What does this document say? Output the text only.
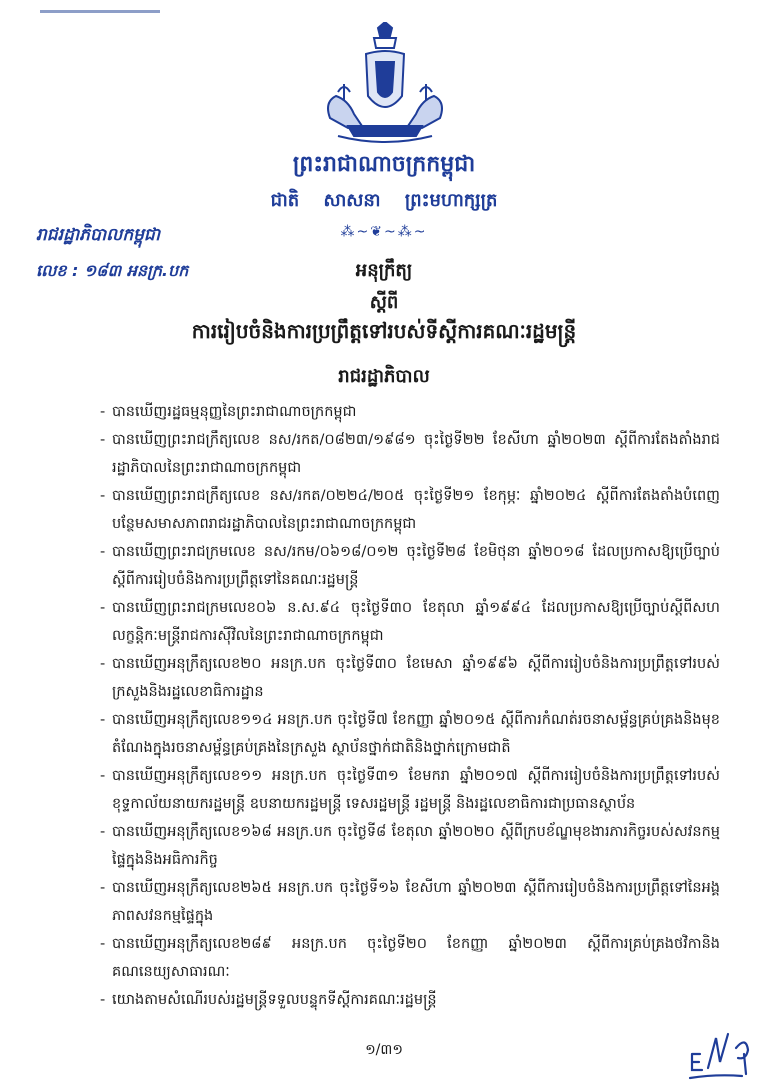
ព្រះរាជាណាចក្រកម្ពុជា
ជាតិ សាសនា ព្រះមហាក្សត្រ
⁂~❦~⁂~
រាជរដ្ឋាភិបាលកម្ពុជា
លេខ : ១៨៣ អនក្រ.បក	អនុក្រឹត្យ
ស្តីពី
ការរៀបចំនិងការប្រព្រឹត្តទៅរបស់ទីស្តីការគណៈរដ្ឋមន្ត្រី
រាជរដ្ឋាភិបាល
- បានឃើញរដ្ឋធម្មនុញ្ញនៃព្រះរាជាណាចក្រកម្ពុជា
- បានឃើញព្រះរាជក្រឹត្យលេខ នស/រកត/០៨២៣/១៩៨១ ចុះថ្ងៃទី២២ ខែសីហា ឆ្នាំ២០២៣ ស្តីពីការតែងតាំងរាជរដ្ឋាភិបាលនៃព្រះរាជាណាចក្រកម្ពុជា
- បានឃើញព្រះរាជក្រឹត្យលេខ នស/រកត/០២២៤/២០៥ ចុះថ្ងៃទី២១ ខែកុម្ភៈ ឆ្នាំ២០២៤ ស្តីពីការតែងតាំងបំពេញបន្ថែមសមាសភាពរាជរដ្ឋាភិបាលនៃព្រះរាជាណាចក្រកម្ពុជា
- បានឃើញព្រះរាជក្រមលេខ នស/រកម/០៦១៨/០១២ ចុះថ្ងៃទី២៨ ខែមិថុនា ឆ្នាំ២០១៨ ដែលប្រកាសឱ្យប្រើច្បាប់ស្តីពីការរៀបចំនិងការប្រព្រឹត្តទៅនៃគណៈរដ្ឋមន្ត្រី
- បានឃើញព្រះរាជក្រមលេខ០៦ ន.ស.៩៤ ចុះថ្ងៃទី៣០ ខែតុលា ឆ្នាំ១៩៩៤ ដែលប្រកាសឱ្យប្រើច្បាប់ស្តីពីសហលក្ខន្តិកៈមន្ត្រីរាជការស៊ីវិលនៃព្រះរាជាណាចក្រកម្ពុជា
- បានឃើញអនុក្រឹត្យលេខ២០ អនក្រ.បក ចុះថ្ងៃទី៣០ ខែមេសា ឆ្នាំ១៩៩៦ ស្តីពីការរៀបចំនិងការប្រព្រឹត្តទៅរបស់ក្រសួងនិងរដ្ឋលេខាធិការដ្ឋាន
- បានឃើញអនុក្រឹត្យលេខ១១៤ អនក្រ.បក ចុះថ្ងៃទី៧ ខែកញ្ញា ឆ្នាំ២០១៥ ស្តីពីការកំណត់រចនាសម្ព័ន្ធគ្រប់គ្រងនិងមុខតំណែងក្នុងរចនាសម្ព័ន្ធគ្រប់គ្រងនៃក្រសួង ស្ថាប័នថ្នាក់ជាតិនិងថ្នាក់ក្រោមជាតិ
- បានឃើញអនុក្រឹត្យលេខ១១ អនក្រ.បក ចុះថ្ងៃទី៣១ ខែមករា ឆ្នាំ២០១៧ ស្តីពីការរៀបចំនិងការប្រព្រឹត្តទៅរបស់ខុទ្ទកាល័យនាយករដ្ឋមន្ត្រី ឧបនាយករដ្ឋមន្ត្រី ទេសរដ្ឋមន្ត្រី រដ្ឋមន្ត្រី និងរដ្ឋលេខាធិការជាប្រធានស្ថាប័ន
- បានឃើញអនុក្រឹត្យលេខ១៦៨ អនក្រ.បក ចុះថ្ងៃទី៨ ខែតុលា ឆ្នាំ២០២០ ស្តីពីក្របខ័ណ្ឌមុខងារភារកិច្ចរបស់សវនកម្មផ្ទៃក្នុងនិងអធិការកិច្ច
- បានឃើញអនុក្រឹត្យលេខ២៦៥ អនក្រ.បក ចុះថ្ងៃទី១៦ ខែសីហា ឆ្នាំ២០២៣ ស្តីពីការរៀបចំនិងការប្រព្រឹត្តទៅនៃអង្គភាពសវនកម្មផ្ទៃក្នុង
- បានឃើញអនុក្រឹត្យលេខ២៨៩ អនក្រ.បក ចុះថ្ងៃទី២០ ខែកញ្ញា ឆ្នាំ២០២៣ ស្តីពីការគ្រប់គ្រងថវិកានិងគណនេយ្យសាធារណៈ
- យោងតាមសំណើរបស់រដ្ឋមន្ត្រីទទួលបន្ទុកទីស្តីការគណៈរដ្ឋមន្ត្រី
១/៣១
